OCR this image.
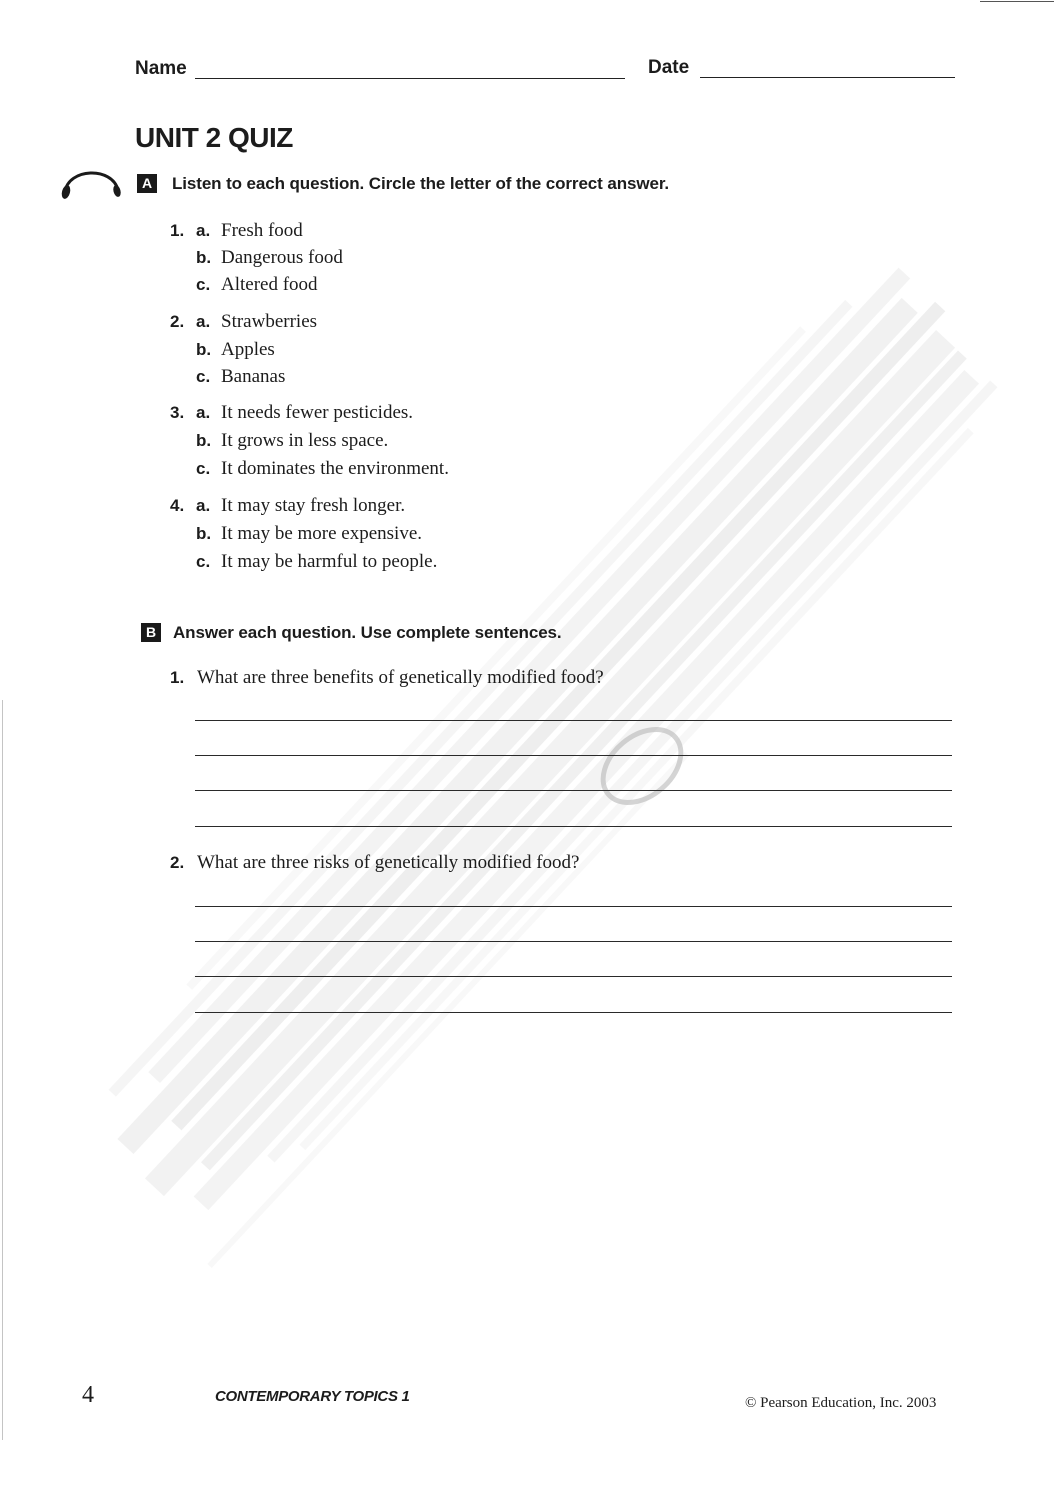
Name	Date
UNIT 2 QUIZ
A Listen to each question. Circle the letter of the correct answer.
1. a. Fresh food
b. Dangerous food
c. Altered food
2. a. Strawberries
b. Apples
c. Bananas
3. a. It needs fewer pesticides.
b. It grows in less space.
c. It dominates the environment.
4. a. It may stay fresh longer.
b. It may be more expensive.
c. It may be harmful to people.
B Answer each question. Use complete sentences.
1. What are three benefits of genetically modified food?
2. What are three risks of genetically modified food?
4	CONTEMPORARY TOPICS 1	© Pearson Education, Inc. 2003
